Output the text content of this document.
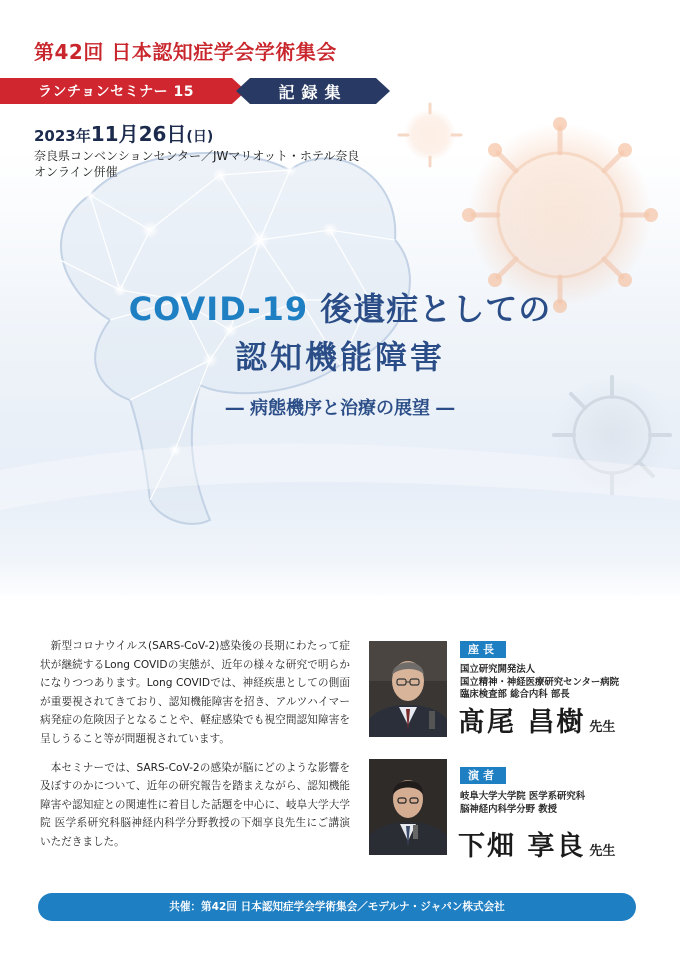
第42回 日本認知症学会学術集会
ランチョンセミナー 15	記録集
2023年11月26日(日)
奈良県コンベンションセンター／JWマリオット・ホテル奈良
オンライン併催
COVID-19 後遺症としての
認知機能障害
― 病態機序と治療の展望 ―

新型コロナウイルス(SARS-CoV-2)感染後の長期にわたって症状が継続するLong COVIDの実態が、近年の様々な研究で明らかになりつつあります。Long COVIDでは、神経疾患としての側面が重要視されてきており、認知機能障害を招き、アルツハイマー病発症の危険因子となることや、軽症感染でも視空間認知障害を呈しうること等が問題視されています。

本セミナーでは、SARS-CoV-2の感染が脳にどのような影響を及ぼすのかについて、近年の研究報告を踏まえながら、認知機能障害や認知症との関連性に着目した話題を中心に、岐阜大学大学院 医学系研究科脳神経内科学分野教授の下畑享良先生にご講演いただきました。

座長
国立研究開発法人
国立精神・神経医療研究センター病院
臨床検査部 総合内科 部長
髙尾 昌樹 先生
演者
岐阜大学大学院 医学系研究科
脳神経内科学分野 教授
下畑 享良 先生
共催：第42回 日本認知症学会学術集会／モデルナ・ジャパン株式会社
